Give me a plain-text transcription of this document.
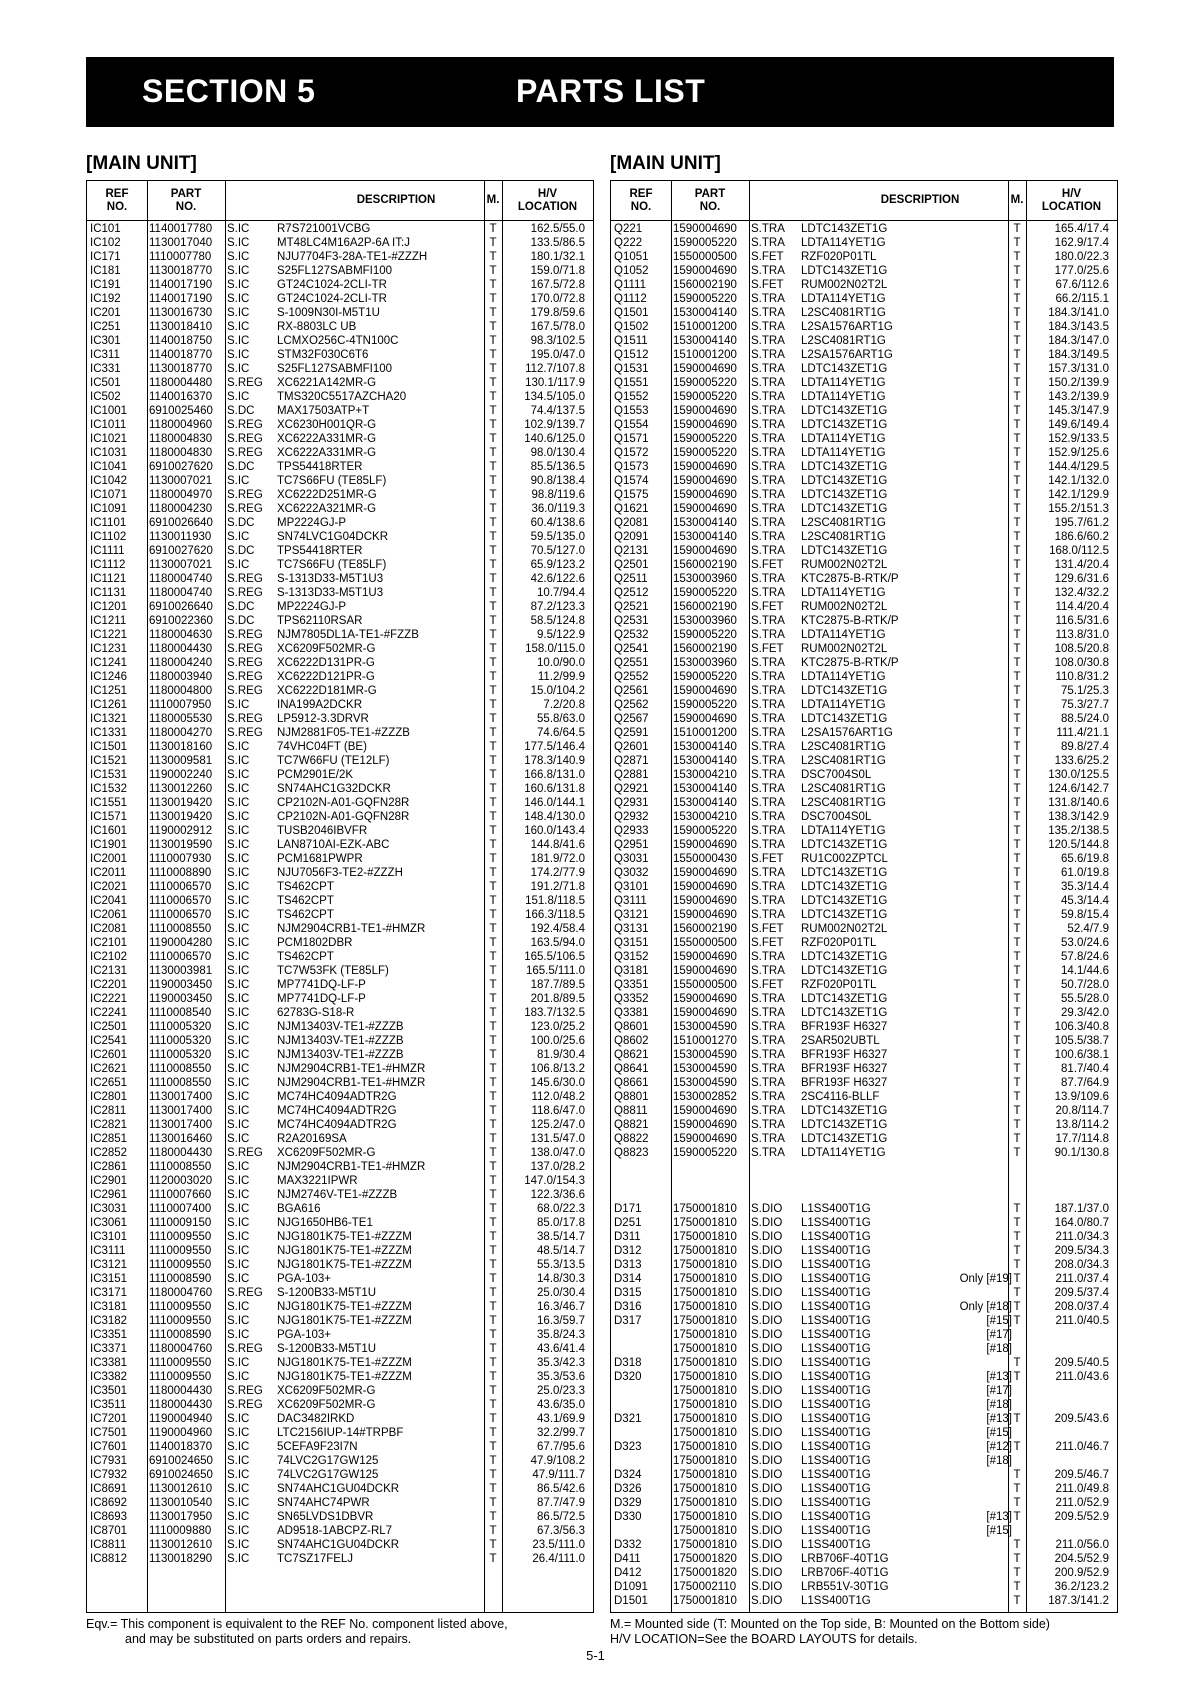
SECTION 5	PARTS LIST
[MAIN UNIT]	[MAIN UNIT]
REF
NO.
PART
NO.
DESCRIPTION	M.
H/V
LOCATION
IC101 1140017780 S.IC R7S721001VCBG	T	162.5/55.0
IC102 1130017040 S.IC MT48LC4M16A2P-6A IT:J	T	133.5/86.5
IC171 1110007780 S.IC NJU7704F3-28A-TE1-#ZZZH	T	180.1/32.1
IC181 1130018770 S.IC S25FL127SABMFI100	T	159.0/71.8
IC191 1140017190 S.IC GT24C1024-2CLI-TR	T	167.5/72.8
IC192 1140017190 S.IC GT24C1024-2CLI-TR	T	170.0/72.8
IC201 1130016730 S.IC S-1009N30I-M5T1U	T	179.8/59.6
IC251 1130018410 S.IC RX-8803LC UB	T	167.5/78.0
IC301 1140018750 S.IC LCMXO256C-4TN100C	T	98.3/102.5
IC311	1140018770 S.IC STM32F030C6T6	T	195.0/47.0
IC331 1130018770 S.IC S25FL127SABMFI100	T	112.7/107.8
IC501 1180004480 S.REG XC6221A142MR-G	T	130.1/117.9
IC502 1140016370 S.IC TMS320C5517AZCHA20	T	134.5/105.0
IC1001 6910025460 S.DC MAX17503ATP+T	T	74.4/137.5
IC1011 1180004960 S.REG XC6230H001QR-G	T	102.9/139.7
IC1021 1180004830 S.REG XC6222A331MR-G	T	140.6/125.0
IC1031 1180004830 S.REG XC6222A331MR-G	T	98.0/130.4
IC1041 6910027620 S.DC TPS54418RTER	T	85.5/136.5
IC1042 1130007021 S.IC TC7S66FU (TE85LF)	T	90.8/138.4
IC1071 1180004970 S.REG XC6222D251MR-G	T	98.8/119.6
IC1091 1180004230 S.REG XC6222A321MR-G	T	36.0/119.3
IC1101 6910026640 S.DC MP2224GJ-P	T	60.4/138.6
IC1102 1130011930 S.IC SN74LVC1G04DCKR	T	59.5/135.0
IC1111 6910027620 S.DC TPS54418RTER	T	70.5/127.0
IC1112 1130007021 S.IC TC7S66FU (TE85LF)	T	65.9/123.2
IC1121 1180004740 S.REG S-1313D33-M5T1U3	T	42.6/122.6
IC1131 1180004740 S.REG S-1313D33-M5T1U3	T	10.7/94.4
IC1201 6910026640 S.DC MP2224GJ-P	T	87.2/123.3
IC1211 6910022360 S.DC TPS62110RSAR	T	58.5/124.8
IC1221 1180004630 S.REG NJM7805DL1A-TE1-#FZZB	T	9.5/122.9
IC1231 1180004430 S.REG XC6209F502MR-G	T	158.0/115.0
IC1241 1180004240 S.REG XC6222D131PR-G	T	10.0/90.0
IC1246 1180003940 S.REG XC6222D121PR-G	T	11.2/99.9
IC1251 1180004800 S.REG XC6222D181MR-G	T	15.0/104.2
IC1261 1110007950 S.IC INA199A2DCKR	T	7.2/20.8
IC1321 1180005530 S.REG LP5912-3.3DRVR	T	55.8/63.0
IC1331 1180004270 S.REG NJM2881F05-TE1-#ZZZB	T	74.6/64.5
IC1501 1130018160 S.IC 74VHC04FT (BE)	T	177.5/146.4
IC1521 1130009581 S.IC TC7W66FU (TE12LF)	T	178.3/140.9
IC1531 1190002240 S.IC PCM2901E/2K	T	166.8/131.0
IC1532 1130012260 S.IC SN74AHC1G32DCKR	T	160.6/131.8
IC1551 1130019420 S.IC CP2102N-A01-GQFN28R	T	146.0/144.1
IC1571 1130019420 S.IC CP2102N-A01-GQFN28R	T	148.4/130.0
IC1601 1190002912 S.IC TUSB2046IBVFR	T	160.0/143.4
IC1901 1130019590 S.IC LAN8710AI-EZK-ABC	T	144.8/41.6
IC2001 1110007930 S.IC PCM1681PWPR	T	181.9/72.0
IC2011 1110008890 S.IC NJU7056F3-TE2-#ZZZH	T	174.2/77.9
IC2021 1110006570 S.IC TS462CPT	T	191.2/71.8
IC2041 1110006570 S.IC TS462CPT	T	151.8/118.5
IC2061 1110006570 S.IC TS462CPT	T	166.3/118.5
IC2081 1110008550 S.IC NJM2904CRB1-TE1-#HMZR	T	192.4/58.4
IC2101 1190004280 S.IC PCM1802DBR	T	163.5/94.0
IC2102 1110006570 S.IC TS462CPT	T	165.5/106.5
IC2131 1130003981 S.IC TC7W53FK (TE85LF)	T	165.5/111.0
IC2201 1190003450 S.IC MP7741DQ-LF-P	T	187.7/89.5
IC2221 1190003450 S.IC MP7741DQ-LF-P	T	201.8/89.5
IC2241 1110008540 S.IC 62783G-S18-R	T	183.7/132.5
IC2501 1110005320 S.IC NJM13403V-TE1-#ZZZB	T	123.0/25.2
IC2541 1110005320 S.IC NJM13403V-TE1-#ZZZB	T	100.0/25.6
IC2601 1110005320 S.IC NJM13403V-TE1-#ZZZB	T	81.9/30.4
IC2621 1110008550 S.IC NJM2904CRB1-TE1-#HMZR	T	106.8/13.2
IC2651 1110008550 S.IC NJM2904CRB1-TE1-#HMZR	T	145.6/30.0
IC2801 1130017400 S.IC MC74HC4094ADTR2G	T	112.0/48.2
IC2811 1130017400 S.IC MC74HC4094ADTR2G	T	118.6/47.0
IC2821 1130017400 S.IC MC74HC4094ADTR2G	T	125.2/47.0
IC2851 1130016460 S.IC R2A20169SA	T	131.5/47.0
IC2852 1180004430 S.REG XC6209F502MR-G	T	138.0/47.0
IC2861 1110008550 S.IC NJM2904CRB1-TE1-#HMZR	T	137.0/28.2
IC2901 1120003020 S.IC MAX3221IPWR	T	147.0/154.3
IC2961 1110007660 S.IC NJM2746V-TE1-#ZZZB	T	122.3/36.6
IC3031 1110007400 S.IC BGA616	T	68.0/22.3
IC3061 1110009150 S.IC NJG1650HB6-TE1	T	85.0/17.8
IC3101 1110009550 S.IC NJG1801K75-TE1-#ZZZM	T	38.5/14.7
IC3111 1110009550 S.IC NJG1801K75-TE1-#ZZZM	T	48.5/14.7
IC3121 1110009550 S.IC NJG1801K75-TE1-#ZZZM	T	55.3/13.5
IC3151 1110008590 S.IC PGA-103+	T	14.8/30.3
IC3171 1180004760 S.REG S-1200B33-M5T1U	T	25.0/30.4
IC3181 1110009550 S.IC NJG1801K75-TE1-#ZZZM	T	16.3/46.7
IC3182 1110009550 S.IC NJG1801K75-TE1-#ZZZM	T	16.3/59.7
IC3351 1110008590 S.IC PGA-103+	T	35.8/24.3
IC3371 1180004760 S.REG S-1200B33-M5T1U	T	43.6/41.4
IC3381 1110009550 S.IC NJG1801K75-TE1-#ZZZM	T	35.3/42.3
IC3382 1110009550 S.IC NJG1801K75-TE1-#ZZZM	T	35.3/53.6
IC3501 1180004430 S.REG XC6209F502MR-G	T	25.0/23.3
IC3511 1180004430 S.REG XC6209F502MR-G	T	43.6/35.0
IC7201 1190004940 S.IC DAC3482IRKD	T	43.1/69.9
IC7501 1190004960 S.IC LTC2156IUP-14#TRPBF	T	32.2/99.7
IC7601 1140018370 S.IC 5CEFA9F23I7N	T	67.7/95.6
IC7931 6910024650 S.IC 74LVC2G17GW125	T	47.9/108.2
IC7932 6910024650 S.IC 74LVC2G17GW125	T	47.9/111.7
IC8691 1130012610 S.IC SN74AHC1GU04DCKR	T	86.5/42.6
IC8692 1130010540 S.IC SN74AHC74PWR	T	87.7/47.9
IC8693 1130017950 S.IC SN65LVDS1DBVR	T	86.5/72.5
IC8701 1110009880 S.IC AD9518-1ABCPZ-RL7	T	67.3/56.3
IC8811 1130012610 S.IC SN74AHC1GU04DCKR	T	23.5/111.0
IC8812 1130018290 S.IC TC7SZ17FELJ	T	26.4/111.0
REF
NO.
PART
NO.
DESCRIPTION	M.
H/V
LOCATION
Q221	1590004690 S.TRA LDTC143ZET1G	T	165.4/17.4
Q222	1590005220 S.TRA LDTA114YET1G	T	162.9/17.4
Q1051 1550000500 S.FET RZF020P01TL	T	180.0/22.3
Q1052 1590004690 S.TRA LDTC143ZET1G	T	177.0/25.6
Q1111 1560002190 S.FET RUM002N02T2L	T	67.6/112.6
Q1112 1590005220 S.TRA LDTA114YET1G	T	66.2/115.1
Q1501 1530004140 S.TRA L2SC4081RT1G	T	184.3/141.0
Q1502 1510001200 S.TRA L2SA1576ART1G	T	184.3/143.5
Q1511 1530004140 S.TRA L2SC4081RT1G	T	184.3/147.0
Q1512 1510001200 S.TRA L2SA1576ART1G	T	184.3/149.5
Q1531 1590004690 S.TRA LDTC143ZET1G	T	157.3/131.0
Q1551 1590005220 S.TRA LDTA114YET1G	T	150.2/139.9
Q1552 1590005220 S.TRA LDTA114YET1G	T	143.2/139.9
Q1553 1590004690 S.TRA LDTC143ZET1G	T	145.3/147.9
Q1554 1590004690 S.TRA LDTC143ZET1G	T	149.6/149.4
Q1571 1590005220 S.TRA LDTA114YET1G	T	152.9/133.5
Q1572 1590005220 S.TRA LDTA114YET1G	T	152.9/125.6
Q1573 1590004690 S.TRA LDTC143ZET1G	T	144.4/129.5
Q1574 1590004690 S.TRA LDTC143ZET1G	T	142.1/132.0
Q1575 1590004690 S.TRA LDTC143ZET1G	T	142.1/129.9
Q1621 1590004690 S.TRA LDTC143ZET1G	T	155.2/151.3
Q2081 1530004140 S.TRA L2SC4081RT1G	T	195.7/61.2
Q2091 1530004140 S.TRA L2SC4081RT1G	T	186.6/60.2
Q2131 1590004690 S.TRA LDTC143ZET1G	T	168.0/112.5
Q2501 1560002190 S.FET RUM002N02T2L	T	131.4/20.4
Q2511 1530003960 S.TRA KTC2875-B-RTK/P	T	129.6/31.6
Q2512 1590005220 S.TRA LDTA114YET1G	T	132.4/32.2
Q2521 1560002190 S.FET RUM002N02T2L	T	114.4/20.4
Q2531 1530003960 S.TRA KTC2875-B-RTK/P	T	116.5/31.6
Q2532 1590005220 S.TRA LDTA114YET1G	T	113.8/31.0
Q2541 1560002190 S.FET RUM002N02T2L	T	108.5/20.8
Q2551 1530003960 S.TRA KTC2875-B-RTK/P	T	108.0/30.8
Q2552 1590005220 S.TRA LDTA114YET1G	T	110.8/31.2
Q2561 1590004690 S.TRA LDTC143ZET1G	T	75.1/25.3
Q2562 1590005220 S.TRA LDTA114YET1G	T	75.3/27.7
Q2567 1590004690 S.TRA LDTC143ZET1G	T	88.5/24.0
Q2591 1510001200 S.TRA L2SA1576ART1G	T	111.4/21.1
Q2601 1530004140 S.TRA L2SC4081RT1G	T	89.8/27.4
Q2871 1530004140 S.TRA L2SC4081RT1G	T	133.6/25.2
Q2881 1530004210 S.TRA DSC7004S0L	T	130.0/125.5
Q2921 1530004140 S.TRA L2SC4081RT1G	T	124.6/142.7
Q2931 1530004140 S.TRA L2SC4081RT1G	T	131.8/140.6
Q2932 1530004210 S.TRA DSC7004S0L	T	138.3/142.9
Q2933 1590005220 S.TRA LDTA114YET1G	T	135.2/138.5
Q2951 1590004690 S.TRA LDTC143ZET1G	T	120.5/144.8
Q3031 1550000430 S.FET RU1C002ZPTCL	T	65.6/19.8
Q3032 1590004690 S.TRA LDTC143ZET1G	T	61.0/19.8
Q3101 1590004690 S.TRA LDTC143ZET1G	T	35.3/14.4
Q3111 1590004690 S.TRA LDTC143ZET1G	T	45.3/14.4
Q3121 1590004690 S.TRA LDTC143ZET1G	T	59.8/15.4
Q3131 1560002190 S.FET RUM002N02T2L	T	52.4/7.9
Q3151 1550000500 S.FET RZF020P01TL	T	53.0/24.6
Q3152 1590004690 S.TRA LDTC143ZET1G	T	57.8/24.6
Q3181 1590004690 S.TRA LDTC143ZET1G	T	14.1/44.6
Q3351 1550000500 S.FET RZF020P01TL	T	50.7/28.0
Q3352 1590004690 S.TRA LDTC143ZET1G	T	55.5/28.0
Q3381 1590004690 S.TRA LDTC143ZET1G	T	29.3/42.0
Q8601 1530004590 S.TRA BFR193F H6327	T	106.3/40.8
Q8602 1510001270 S.TRA 2SAR502UBTL	T	105.5/38.7
Q8621 1530004590 S.TRA BFR193F H6327	T	100.6/38.1
Q8641 1530004590 S.TRA BFR193F H6327	T	81.7/40.4
Q8661 1530004590 S.TRA BFR193F H6327	T	87.7/64.9
Q8801 1530002852 S.TRA 2SC4116-BLLF	T	13.9/109.6
Q8811 1590004690 S.TRA LDTC143ZET1G	T	20.8/114.7
Q8821 1590004690 S.TRA LDTC143ZET1G	T	13.8/114.2
Q8822 1590004690 S.TRA LDTC143ZET1G	T	17.7/114.8
Q8823 1590005220 S.TRA LDTA114YET1G	T	90.1/130.8
D171	1750001810 S.DIO L1SS400T1G	T	187.1/37.0
D251	1750001810 S.DIO L1SS400T1G	T	164.0/80.7
D311	1750001810 S.DIO L1SS400T1G	T	211.0/34.3
D312	1750001810 S.DIO L1SS400T1G	T	209.5/34.3
D313	1750001810 S.DIO L1SS400T1G	T	208.0/34.3
D314	1750001810 S.DIO L1SS400T1G	Only [#19] T	211.0/37.4
D315	1750001810 S.DIO L1SS400T1G	T	209.5/37.4
D316	1750001810 S.DIO L1SS400T1G	Only [#18] T	208.0/37.4
D317	1750001810 S.DIO L1SS400T1G	[#15] T	211.0/40.5
1750001810 S.DIO L1SS400T1G	[#17]
1750001810 S.DIO L1SS400T1G	[#18]
D318	1750001810 S.DIO L1SS400T1G	T	209.5/40.5
D320	1750001810 S.DIO L1SS400T1G	[#13] T	211.0/43.6
1750001810 S.DIO L1SS400T1G	[#17]
1750001810 S.DIO L1SS400T1G	[#18]
D321	1750001810 S.DIO L1SS400T1G	[#13] T	209.5/43.6
1750001810 S.DIO L1SS400T1G	[#15]
D323	1750001810 S.DIO L1SS400T1G	[#12] T	211.0/46.7
1750001810 S.DIO L1SS400T1G	[#18]
D324	1750001810 S.DIO L1SS400T1G	T	209.5/46.7
D326	1750001810 S.DIO L1SS400T1G	T	211.0/49.8
D329	1750001810 S.DIO L1SS400T1G	T	211.0/52.9
D330	1750001810 S.DIO L1SS400T1G	[#13] T	209.5/52.9
1750001810 S.DIO L1SS400T1G	[#15]
D332	1750001810 S.DIO L1SS400T1G	T	211.0/56.0
D411	1750001820 S.DIO LRB706F-40T1G	T	204.5/52.9
D412	1750001820 S.DIO LRB706F-40T1G	T	200.9/52.9
D1091 1750002110 S.DIO LRB551V-30T1G	T	36.2/123.2
D1501 1750001810 S.DIO L1SS400T1G	T	187.3/141.2
Eqv.= This component is equivalent to the REF No. component listed above,
and may be substituted on parts orders and repairs.
M.= Mounted side (T: Mounted on the Top side, B: Mounted on the Bottom side)
H/V LOCATION=See the BOARD LAYOUTS for details.
5-1
